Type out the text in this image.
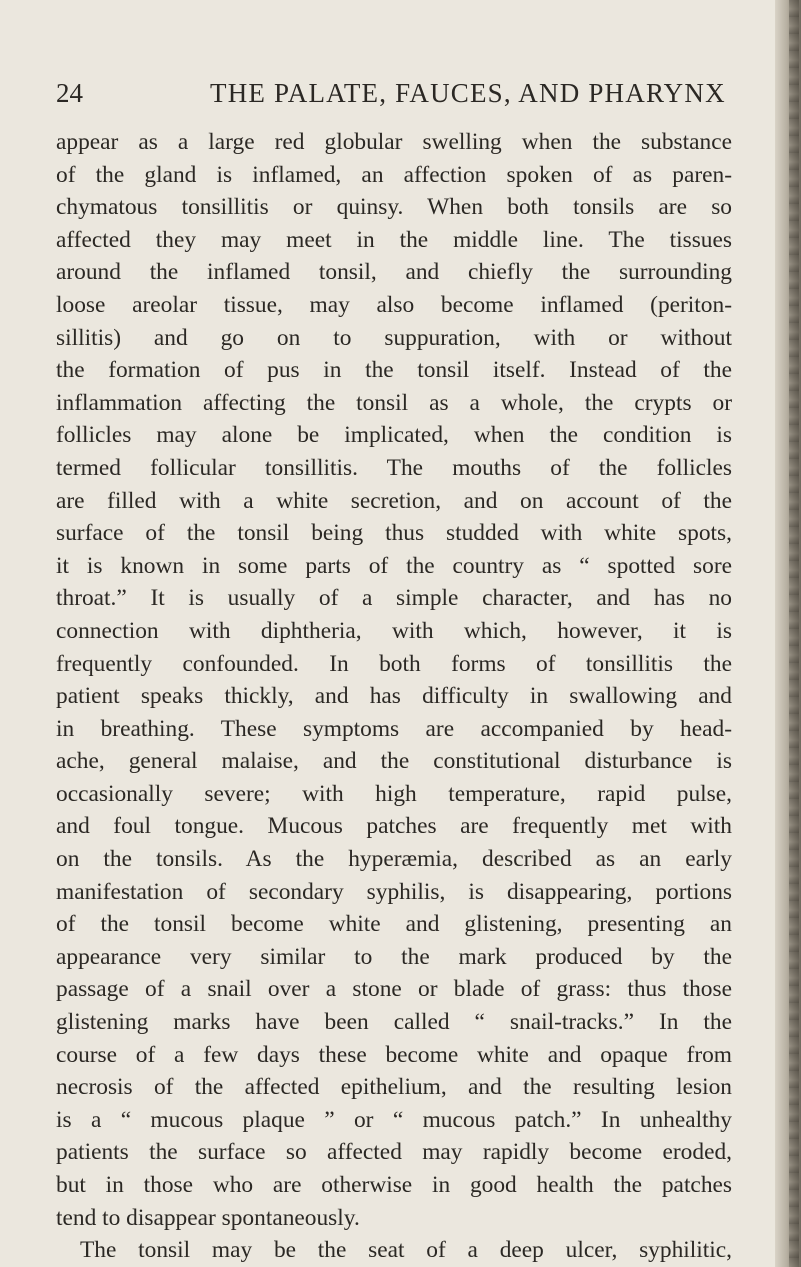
24	THE PALATE, FAUCES, AND PHARYNX
appear as a large red globular swelling when the substance
of the gland is inflamed, an affection spoken of as paren-
chymatous tonsillitis or quinsy. When both tonsils are so
affected they may meet in the middle line. The tissues
around the inflamed tonsil, and chiefly the surrounding
loose areolar tissue, may also become inflamed (periton-
sillitis) and go on to suppuration, with or without
the formation of pus in the tonsil itself. Instead of the
inflammation affecting the tonsil as a whole, the crypts or
follicles may alone be implicated, when the condition is
termed follicular tonsillitis. The mouths of the follicles
are filled with a white secretion, and on account of the
surface of the tonsil being thus studded with white spots,
it is known in some parts of the country as “ spotted sore
throat.” It is usually of a simple character, and has no
connection with diphtheria, with which, however, it is
frequently confounded. In both forms of tonsillitis the
patient speaks thickly, and has difficulty in swallowing and
in breathing. These symptoms are accompanied by head-
ache, general malaise, and the constitutional disturbance is
occasionally severe; with high temperature, rapid pulse,
and foul tongue. Mucous patches are frequently met with
on the tonsils. As the hyperæmia, described as an early
manifestation of secondary syphilis, is disappearing, portions
of the tonsil become white and glistening, presenting an
appearance very similar to the mark produced by the
passage of a snail over a stone or blade of grass: thus those
glistening marks have been called “ snail-tracks.” In the
course of a few days these become white and opaque from
necrosis of the affected epithelium, and the resulting lesion
is a “ mucous plaque ” or “ mucous patch.” In unhealthy
patients the surface so affected may rapidly become eroded,
but in those who are otherwise in good health the patches
tend to disappear spontaneously.
The tonsil may be the seat of a deep ulcer, syphilitic,
